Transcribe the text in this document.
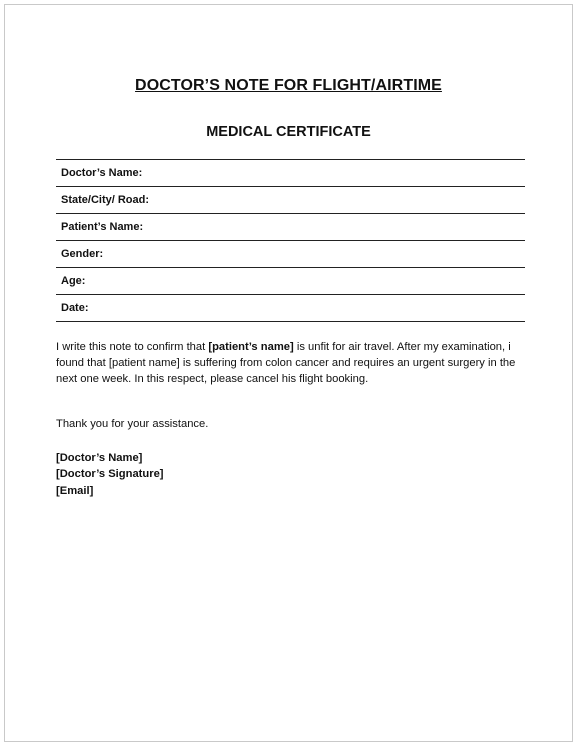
DOCTOR’S NOTE FOR FLIGHT/AIRTIME
MEDICAL CERTIFICATE
Doctor’s Name:
State/City/ Road:
Patient’s Name:
Gender:
Age:
Date:
I write this note to confirm that [patient’s name] is unfit for air travel. After my examination, i found that [patient name] is suffering from colon cancer and requires an urgent surgery in the next one week. In this respect, please cancel his flight booking.
Thank you for your assistance.
[Doctor’s Name]
[Doctor’s Signature]
[Email]
